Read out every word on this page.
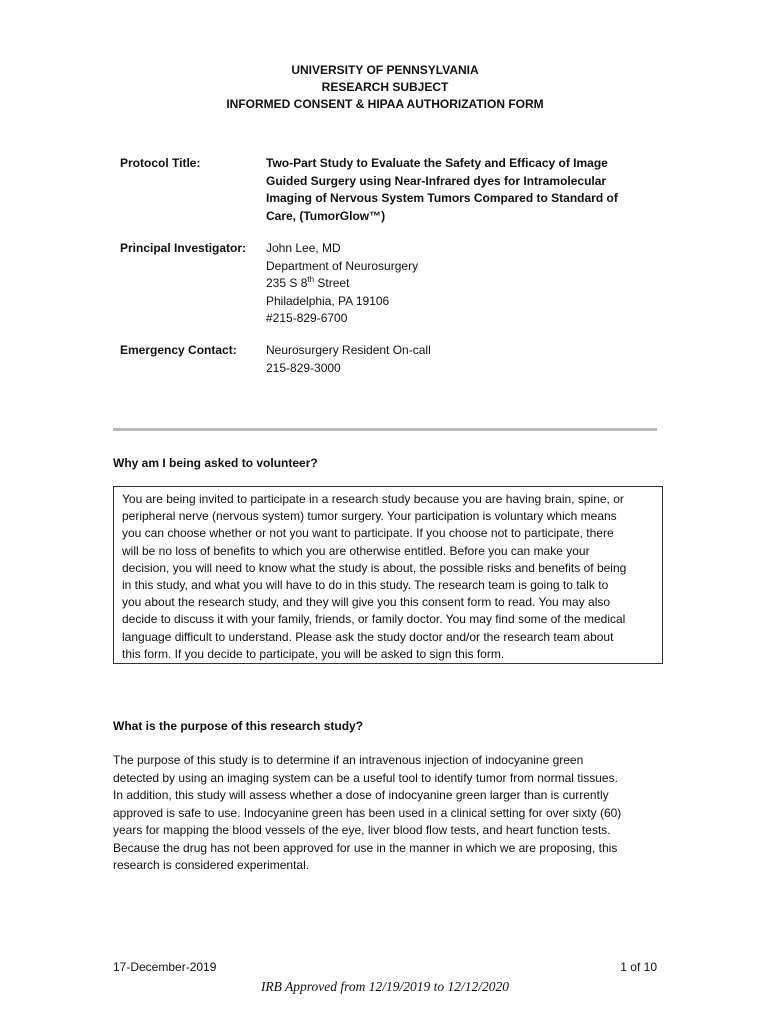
UNIVERSITY OF PENNSYLVANIA
RESEARCH SUBJECT
INFORMED CONSENT & HIPAA AUTHORIZATION FORM
Protocol Title:	Two-Part Study to Evaluate the Safety and Efficacy of Image
Guided Surgery using Near-Infrared dyes for Intramolecular
Imaging of Nervous System Tumors Compared to Standard of
Care, (TumorGlow™)
Principal Investigator: John Lee, MD
Department of Neurosurgery
235 S 8th Street
Philadelphia, PA 19106
#215-829-6700
Emergency Contact: Neurosurgery Resident On-call
215-829-3000
Why am I being asked to volunteer?
You are being invited to participate in a research study because you are having brain, spine, or
peripheral nerve (nervous system) tumor surgery. Your participation is voluntary which means
you can choose whether or not you want to participate. If you choose not to participate, there
will be no loss of benefits to which you are otherwise entitled. Before you can make your
decision, you will need to know what the study is about, the possible risks and benefits of being
in this study, and what you will have to do in this study. The research team is going to talk to
you about the research study, and they will give you this consent form to read. You may also
decide to discuss it with your family, friends, or family doctor. You may find some of the medical
language difficult to understand. Please ask the study doctor and/or the research team about
this form. If you decide to participate, you will be asked to sign this form.
What is the purpose of this research study?
The purpose of this study is to determine if an intravenous injection of indocyanine green
detected by using an imaging system can be a useful tool to identify tumor from normal tissues.
In addition, this study will assess whether a dose of indocyanine green larger than is currently
approved is safe to use. Indocyanine green has been used in a clinical setting for over sixty (60)
years for mapping the blood vessels of the eye, liver blood flow tests, and heart function tests.
Because the drug has not been approved for use in the manner in which we are proposing, this
research is considered experimental.
17-December-2019	1 of 10
IRB Approved from 12/19/2019 to 12/12/2020
